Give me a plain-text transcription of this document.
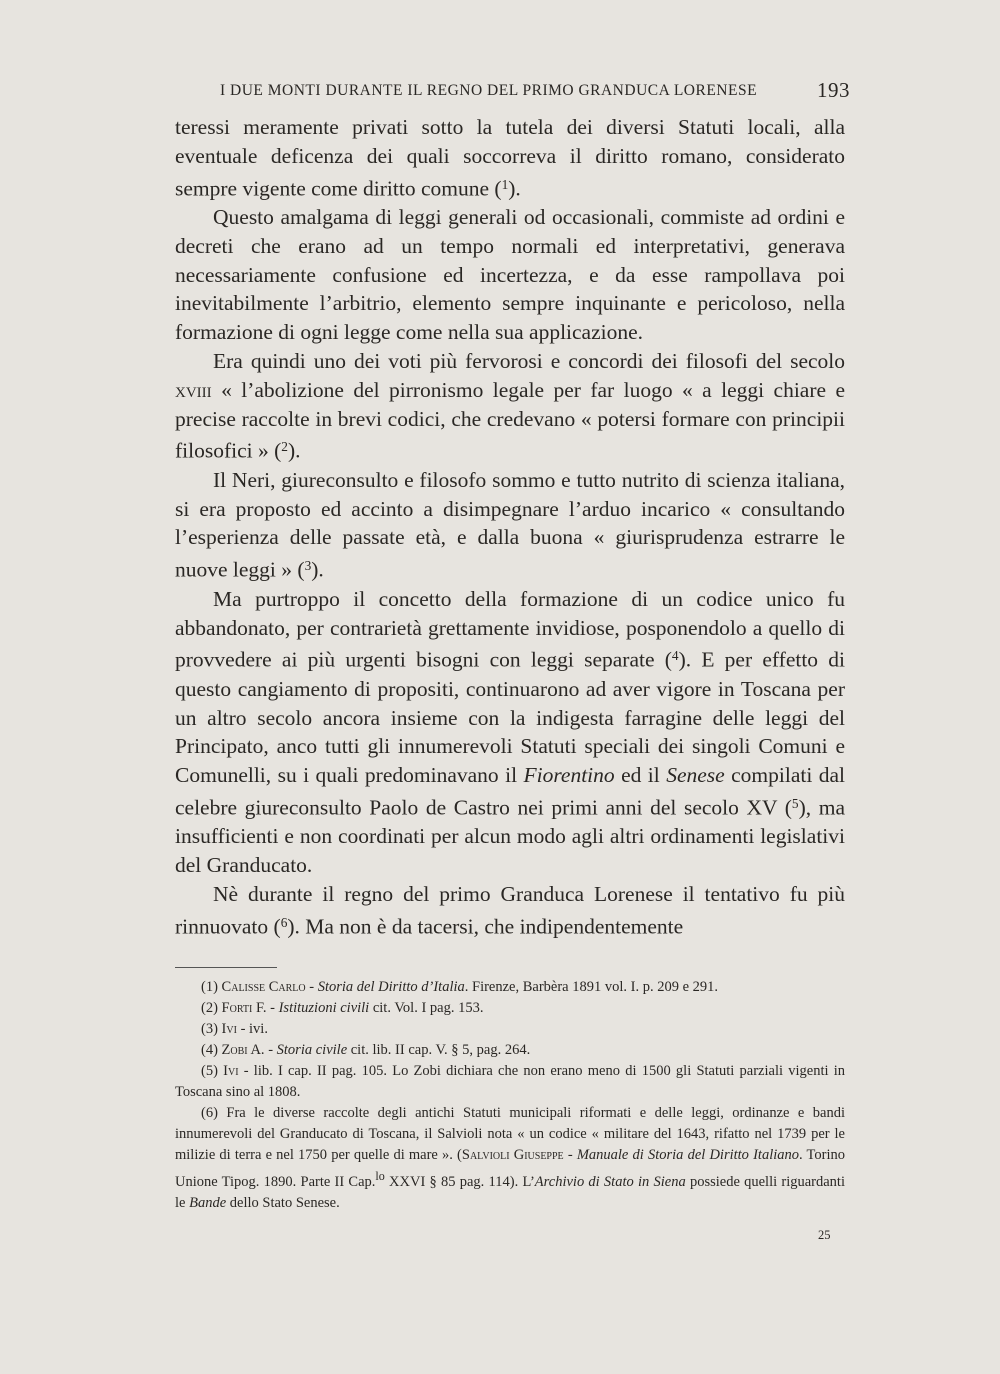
I DUE MONTI DURANTE IL REGNO DEL PRIMO GRANDUCA LORENESE	193

teressi meramente privati sotto la tutela dei diversi Statuti locali, alla eventuale deficenza dei quali soccorreva il diritto romano, considerato sempre vigente come diritto comune ($^1$).

Questo amalgama di leggi generali od occasionali, commiste ad ordini e decreti che erano ad un tempo normali ed interpretativi, generava necessariamente confusione ed incertezza, e da esse rampollava poi inevitabilmente l’arbitrio, elemento sempre inquinante e pericoloso, nella formazione di ogni legge come nella sua applicazione.

Era quindi uno dei voti più fervorosi e concordi dei filosofi del secolo xviii « l’abolizione del pirronismo legale per far luogo « a leggi chiare e precise raccolte in brevi codici, che credevano « potersi formare con principii filosofici » ($^2$).

Il Neri, giureconsulto e filosofo sommo e tutto nutrito di scienza italiana, si era proposto ed accinto a disimpegnare l’arduo incarico « consultando l’esperienza delle passate età, e dalla buona « giurisprudenza estrarre le nuove leggi » ($^3$).

Ma purtroppo il concetto della formazione di un codice unico fu abbandonato, per contrarietà grettamente invidiose, posponendolo a quello di provvedere ai più urgenti bisogni con leggi separate ($^4$). E per effetto di questo cangiamento di propositi, continuarono ad aver vigore in Toscana per un altro secolo ancora insieme con la indigesta farragine delle leggi del Principato, anco tutti gli innumerevoli Statuti speciali dei singoli Comuni e Comunelli, su i quali predominavano il Fiorentino ed il Senese compilati dal celebre giureconsulto Paolo de Castro nei primi anni del secolo XV ($^5$), ma insufficienti e non coordinati per alcun modo agli altri ordinamenti legislativi del Granducato.

Nè durante il regno del primo Granduca Lorenese il tentativo fu più rinnuovato ($^6$). Ma non è da tacersi, che indipendentemente

(1) Calisse Carlo - Storia del Diritto d’Italia. Firenze, Barbèra 1891 vol. I. p. 209 e 291.

(2) Forti F. - Istituzioni civili cit. Vol. I pag. 153.

(3) Ivi - ivi.

(4) Zobi A. - Storia civile cit. lib. II cap. V. § 5, pag. 264.

(5) Ivi - lib. I cap. II pag. 105. Lo Zobi dichiara che non erano meno di 1500 gli Statuti parziali vigenti in Toscana sino al 1808.

(6) Fra le diverse raccolte degli antichi Statuti municipali riformati e delle leggi, ordinanze e bandi innumerevoli del Granducato di Toscana, il Salvioli nota « un codice « militare del 1643, rifatto nel 1739 per le milizie di terra e nel 1750 per quelle di mare ». (Salvioli Giuseppe - Manuale di Storia del Diritto Italiano. Torino Unione Tipog. 1890. Parte II Cap.$^{lo}$ XXVI § 85 pag. 114). L’Archivio di Stato in Siena possiede quelli riguardanti le Bande dello Stato Senese.

25
